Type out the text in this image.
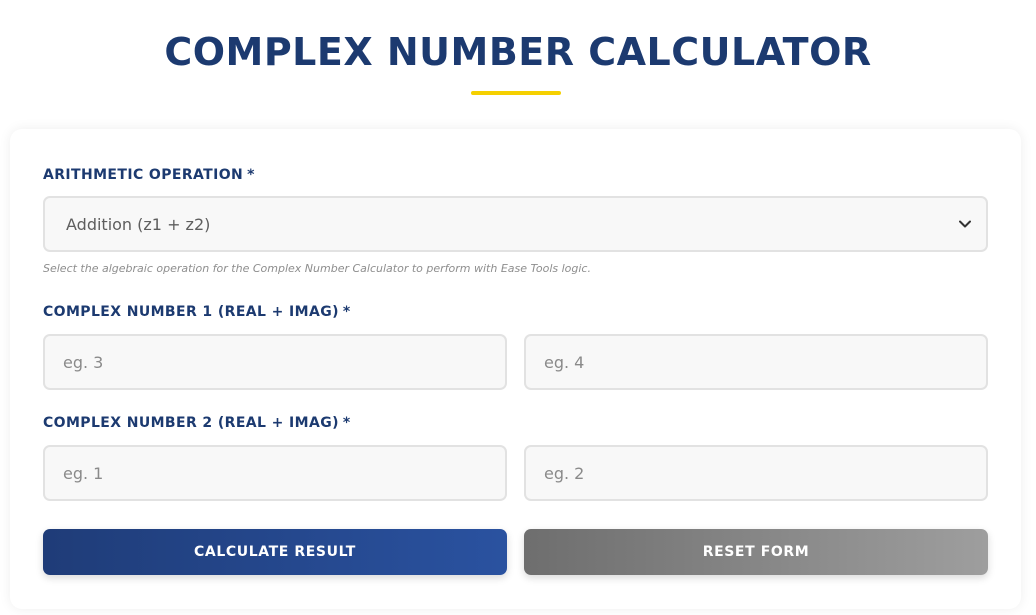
COMPLEX NUMBER CALCULATOR
ARITHMETIC OPERATION *
Addition (z1 + z2)
Select the algebraic operation for the Complex Number Calculator to perform with Ease Tools logic.
COMPLEX NUMBER 1 (REAL + IMAG) *
eg. 3
eg. 4
COMPLEX NUMBER 2 (REAL + IMAG) *
eg. 1
eg. 2
CALCULATE RESULT	RESET FORM
